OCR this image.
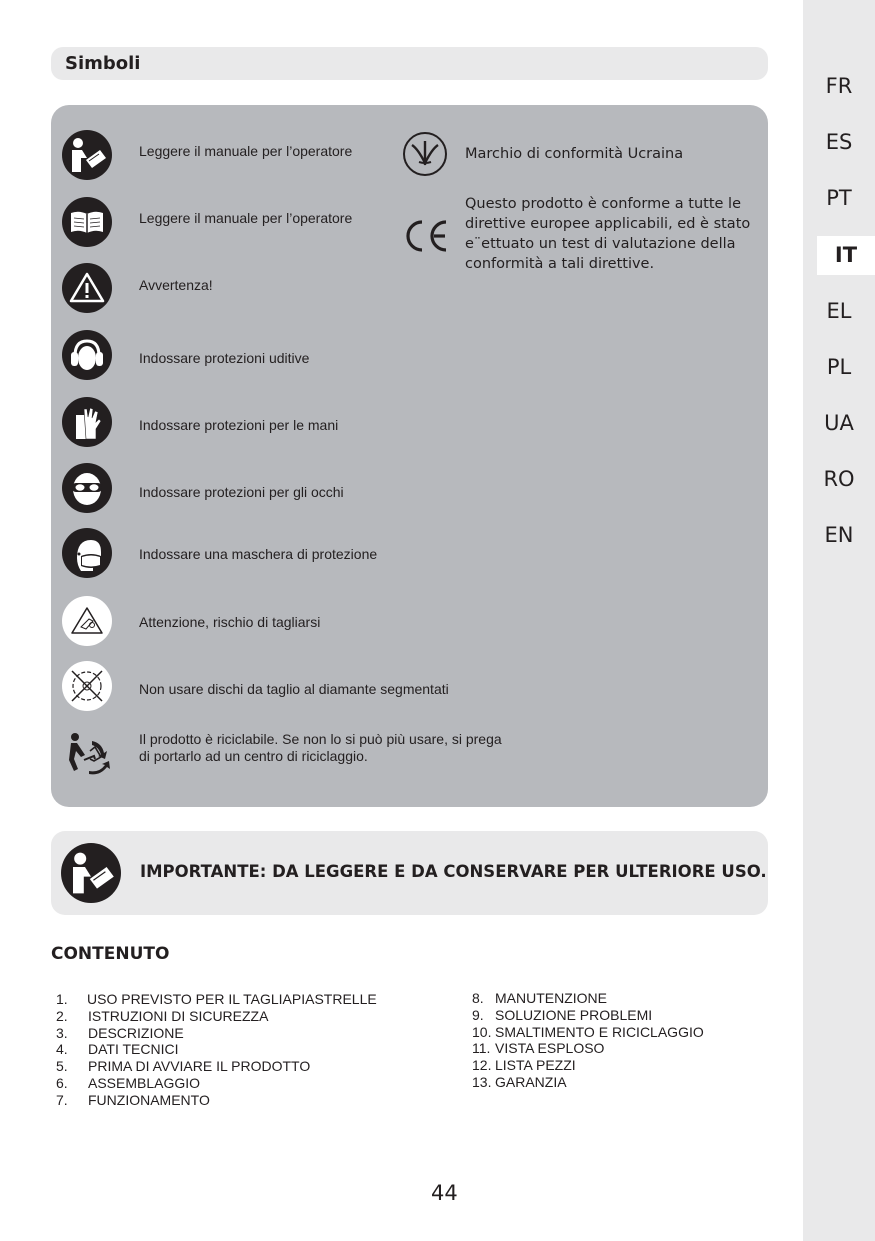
FR
ES
PT
IT
EL
PL
UA
RO
EN
Simboli
Leggere il manuale per l’operatore
Leggere il manuale per l’operatore
Avvertenza!
Indossare protezioni uditive
Indossare protezioni per le mani
Indossare protezioni per gli occhi
Indossare una maschera di protezione
Attenzione, rischio di tagliarsi
Non usare dischi da taglio al diamante segmentati
Il prodotto è riciclabile. Se non lo si può più usare, si prega
di portarlo ad un centro di riciclaggio.
Marchio di conformità Ucraina
Questo prodotto è conforme a tutte le
direttive europee applicabili, ed è stato
e¨ettuato un test di valutazione della
conformità a tali direttive.
IMPORTANTE: DA LEGGERE E DA CONSERVARE PER ULTERIORE USO.
CONTENUTO
1. USO PREVISTO PER IL TAGLIAPIASTRELLE
2. ISTRUZIONI DI SICUREZZA
3. DESCRIZIONE
4. DATI TECNICI
5. PRIMA DI AVVIARE IL PRODOTTO
6. ASSEMBLAGGIO
7. FUNZIONAMENTO
8. MANUTENZIONE
9. SOLUZIONE PROBLEMI
10. SMALTIMENTO E RICICLAGGIO
11. VISTA ESPLOSO
12. LISTA PEZZI
13. GARANZIA
44
